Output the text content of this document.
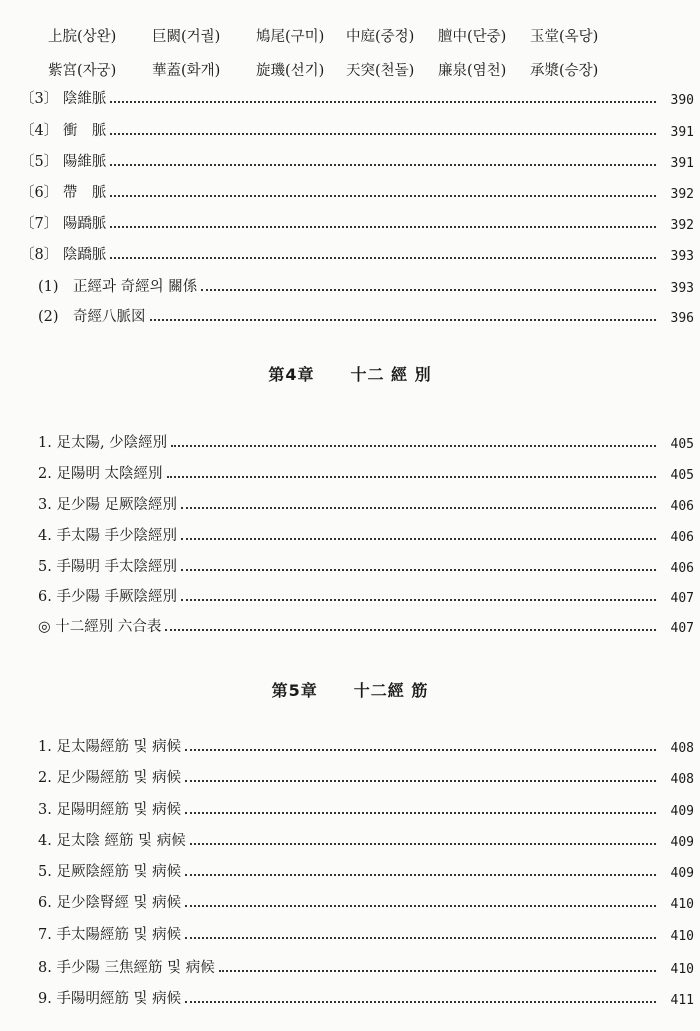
上脘(상완)	巨闕(거궐)	鳩尾(구미)	中庭(중정)	膻中(단중)	玉堂(옥당)
紫宮(자궁)	華蓋(화개)	旋璣(선기)	天突(천돌)	廉泉(염천)	承漿(승장)
〔3〕 陰維脈	390
〔4〕 衝　脈	391
〔5〕 陽維脈	391
〔6〕 帶　脈	392
〔7〕 陽蹻脈	392
〔8〕 陰蹻脈	393
(1)　正經과 奇經의 關係	393
(2)　奇經八脈図	396
第4章 十二 經 別
1. 足太陽, 少陰經別	405
2. 足陽明 太陰經別	405
3. 足少陽 足厥陰經別	406
4. 手太陽 手少陰經別	406
5. 手陽明 手太陰經別	406
6. 手少陽 手厥陰經別	407
◎ 十二經別 六合表	407
第5章 十二經 筋
1. 足太陽經筋 및 病候	408
2. 足少陽經筋 및 病候	408
3. 足陽明經筋 및 病候	409
4. 足太陰 經筋 및 病候	409
5. 足厥陰經筋 및 病候	409
6. 足少陰腎經 및 病候	410
7. 手太陽經筋 및 病候	410
8. 手少陽 三焦經筋 및 病候	410
9. 手陽明經筋 및 病候	411
